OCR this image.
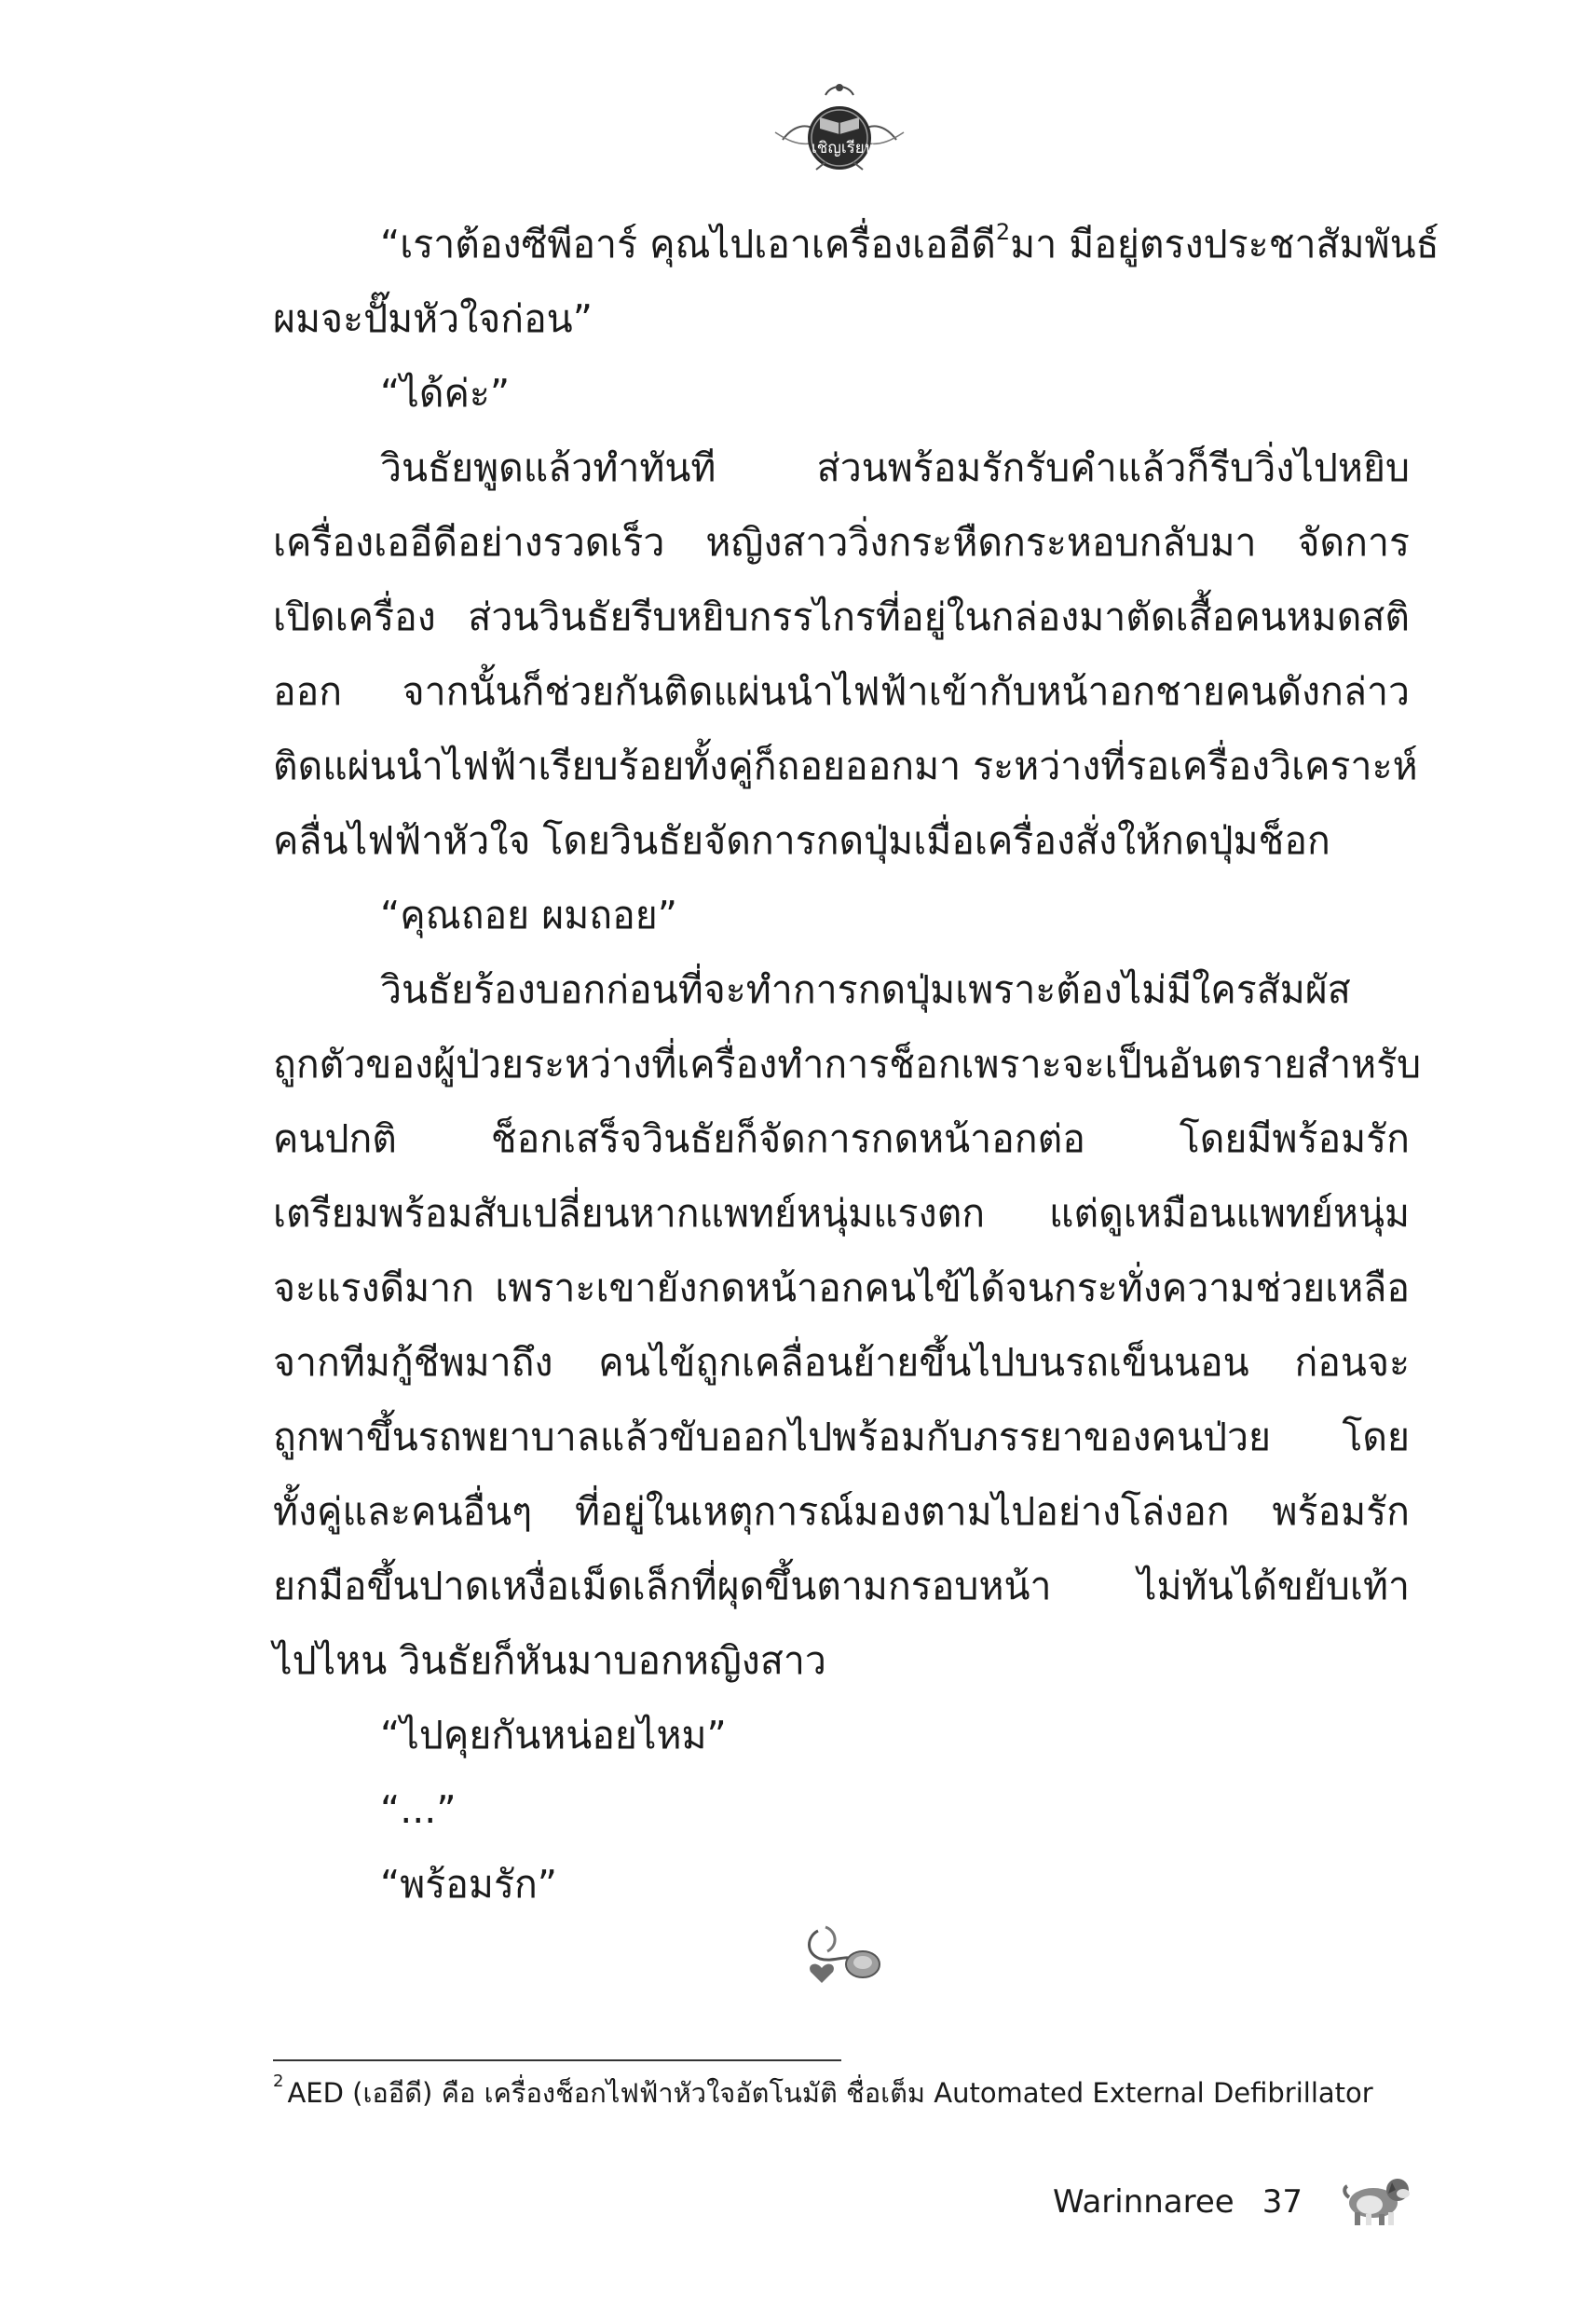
เชิญเรียน
“เราต้องซีพีอาร์ คุณไปเอาเครื่องเออีดี$^2$มา มีอยู่ตรงประชาสัมพันธ์
ผมจะปั๊มหัวใจก่อน”
“ได้ค่ะ”
วินธัยพูดแล้วทำทันที ส่วนพร้อมรักรับคำแล้วก็รีบวิ่งไปหยิบ
เครื่องเออีดีอย่างรวดเร็ว หญิงสาววิ่งกระหืดกระหอบกลับมา จัดการ
เปิดเครื่อง ส่วนวินธัยรีบหยิบกรรไกรที่อยู่ในกล่องมาตัดเสื้อคนหมดสติ
ออก จากนั้นก็ช่วยกันติดแผ่นนำไฟฟ้าเข้ากับหน้าอกชายคนดังกล่าว
ติดแผ่นนำไฟฟ้าเรียบร้อยทั้งคู่ก็ถอยออกมา ระหว่างที่รอเครื่องวิเคราะห์
คลื่นไฟฟ้าหัวใจ โดยวินธัยจัดการกดปุ่มเมื่อเครื่องสั่งให้กดปุ่มช็อก
“คุณถอย ผมถอย”
วินธัยร้องบอกก่อนที่จะทำการกดปุ่มเพราะต้องไม่มีใครสัมผัส
ถูกตัวของผู้ป่วยระหว่างที่เครื่องทำการช็อกเพราะจะเป็นอันตรายสำหรับ
คนปกติ ช็อกเสร็จวินธัยก็จัดการกดหน้าอกต่อ โดยมีพร้อมรัก
เตรียมพร้อมสับเปลี่ยนหากแพทย์หนุ่มแรงตก แต่ดูเหมือนแพทย์หนุ่ม
จะแรงดีมาก เพราะเขายังกดหน้าอกคนไข้ได้จนกระทั่งความช่วยเหลือ
จากทีมกู้ชีพมาถึง คนไข้ถูกเคลื่อนย้ายขึ้นไปบนรถเข็นนอน ก่อนจะ
ถูกพาขึ้นรถพยาบาลแล้วขับออกไปพร้อมกับภรรยาของคนป่วย โดย
ทั้งคู่และคนอื่นๆ ที่อยู่ในเหตุการณ์มองตามไปอย่างโล่งอก พร้อมรัก
ยกมือขึ้นปาดเหงื่อเม็ดเล็กที่ผุดขึ้นตามกรอบหน้า ไม่ทันได้ขยับเท้า
ไปไหน วินธัยก็หันมาบอกหญิงสาว
“ไปคุยกันหน่อยไหม”
“...”
“พร้อมรัก”
$^2$ AED (เออีดี) คือ เครื่องช็อกไฟฟ้าหัวใจอัตโนมัติ ชื่อเต็ม Automated External Defibrillator
Warinnaree 37
